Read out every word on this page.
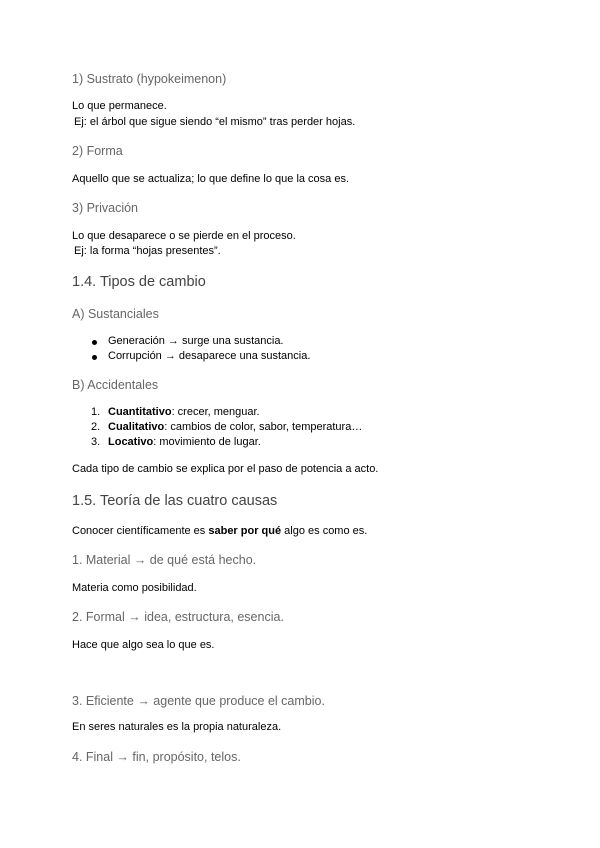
1) Sustrato (hypokeimenon)
Lo que permanece.
Ej: el árbol que sigue siendo “el mismo” tras perder hojas.
2) Forma
Aquello que se actualiza; lo que define lo que la cosa es.
3) Privación
Lo que desaparece o se pierde en el proceso.
Ej: la forma “hojas presentes”.
1.4. Tipos de cambio
A) Sustanciales
Generación → surge una sustancia.
Corrupción → desaparece una sustancia.
B) Accidentales
1. Cuantitativo: crecer, menguar.
2. Cualitativo: cambios de color, sabor, temperatura…
3. Locativo: movimiento de lugar.
Cada tipo de cambio se explica por el paso de potencia a acto.
1.5. Teoría de las cuatro causas
Conocer científicamente es saber por qué algo es como es.
1. Material → de qué está hecho.
Materia como posibilidad.
2. Formal → idea, estructura, esencia.
Hace que algo sea lo que es.
3. Eficiente → agente que produce el cambio.
En seres naturales es la propia naturaleza.
4. Final → fin, propósito, telos.
